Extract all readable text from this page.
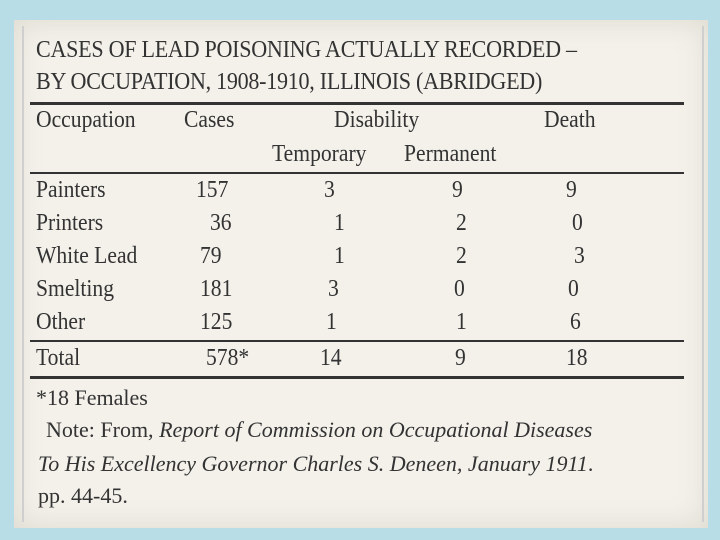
CASES OF LEAD POISONING ACTUALLY RECORDED –
BY OCCUPATION, 1908-1910, ILLINOIS (ABRIDGED)
Occupation Cases	Disability	Death
Temporary Permanent
Painters	157	3	9	9
Printers	36	1	2	0
White Lead	79	1	2	3
Smelting	181	3	0	0
Other	125	1	1	6
Total	578*	14	9	18
*18 Females
Note: From, Report of Commission on Occupational Diseases
To His Excellency Governor Charles S. Deneen, January 1911.
pp. 44-45.
